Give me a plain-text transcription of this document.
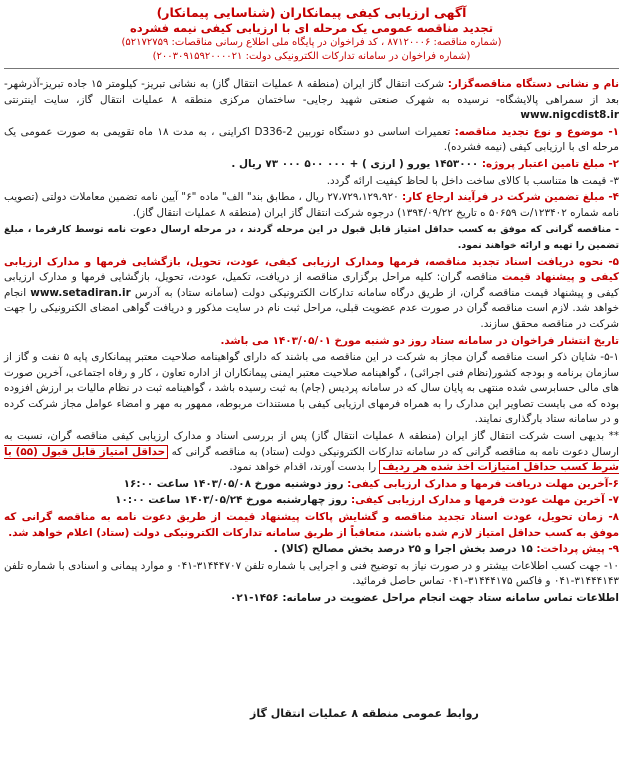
آگهی ارزیابی کیفی پیمانکاران (شناسایی پیمانکار)
تجدید مناقصه عمومی یک مرحله ای با ارزیابی کیفی نیمه فشرده
(شماره مناقصه: ۸۷۱۲۰۰۰۶ ، کد فراخوان در پایگاه ملی اطلاع رسانی مناقصات: ۵۲۱۷۲۷۵۹)
(شماره فراخوان در سامانه تدارکات الکترونیکی دولت: ۲۰۰۳۰۹۱۵۹۲۰۰۰۰۲۱)

نام و نشانی دستگاه مناقصه‌گزار: شرکت انتقال گاز ایران (منطقه ۸ عملیات انتقال گاز) به نشانی تبریز- کیلومتر ۱۵ جاده تبریز-آذرشهر- بعد از سمراهی پالایشگاه- نرسیده به شهرک صنعتی شهید رجایی- ساختمان مرکزی منطقه ۸ عملیات انتقال گاز، سایت اینترنتی www.nigcdist8.ir

۱- موضوع و نوع تجدید مناقصه: تعمیرات اساسی دو دستگاه توربین D336-2 اکراینی ، به مدت ۱۸ ماه تقویمی به صورت عمومی یک مرحله ای با ارزیابی کیفی (نیمه فشرده).

۲- مبلغ تامین اعتبار پروژه: ۱۴۵۳۰۰۰ یورو ( ارزی ) + ۰۰۰ ۵۰۰ ۰۰۰ ۷۳ ریال .

۳- قیمت ها متناسب با کالای ساخت داخل با لحاظ کیفیت ارائه گردد.

۴- مبلغ تضمین شرکت در فرآیند ارجاع کار: ۲۷،۷۲۹،۱۲۹،۹۲۰ ریال ، مطابق بند" الف" ماده "۶" آیین نامه تضمین معاملات دولتی (تصویب نامه شماره ۱۲۳۴۰۲/ت ۵۰۶۵۹ ه تاریخ ۱۳۹۴/۰۹/۲۲) درجوه شرکت انتقال گاز ایران (منطقه ۸ عملیات انتقال گاز).

- مناقصه گرانی که موفق به کسب حداقل امتیاز قابل قبول در این مرحله گردند ، در مرحله ارسال دعوت نامه توسط کارفرما ، مبلغ تضمین را تهیه و ارائه خواهند نمود.

۵- نحوه دریافت اسناد تجدید مناقصه، فرمها ومدارک ارزیابی کیفی، عودت، تحویل، بازگشایی فرمها و مدارک ارزیابی کیفی و پیشنهاد قیمت مناقصه گران: کلیه مراحل برگزاری مناقصه از دریافت، تکمیل، عودت، تحویل، بازگشایی فرمها و مدارک ارزیابی کیفی و پیشنهاد قیمت مناقصه گران، از طریق درگاه سامانه تدارکات الکترونیکی دولت (سامانه ستاد) به آدرس www.setadiran.ir انجام خواهد شد. لازم است مناقصه گران در صورت عدم عضویت قبلی، مراحل ثبت نام در سایت مذکور و دریافت گواهی امضای الکترونیکی را جهت شرکت در مناقصه محقق سازند.

تاریخ انتشار فراخوان در سامانه ستاد روز دو شنبه مورخ ۱۴۰۳/۰۵/۰۱ می باشد.

۵-۱- شایان ذکر است مناقصه گران مجاز به شرکت در این مناقصه می باشند که دارای گواهینامه صلاحیت معتبر پیمانکاری پایه ۵ نفت و گاز از سازمان برنامه و بودجه کشور(نظام فنی اجرائی) ، گواهینامه صلاحیت معتبر ایمنی پیمانکاران از اداره تعاون ، کار و رفاه اجتماعی، آخرین صورت های مالی حسابرسی شده منتهی به پایان سال که در سامانه پردیس (جام) به ثبت رسیده باشد ، گواهینامه ثبت در نظام مالیات بر ارزش افزوده بوده که می بایست تصاویر این مدارک را به همراه فرمهای ارزیابی کیفی با مستندات مربوطه، ممهور به مهر و امضاء عوامل مجاز شرکت کرده و در سامانه ستاد بارگذاری نمایند.

** بدیهی است شرکت انتقال گاز ایران (منطقه ۸ عملیات انتقال گاز) پس از بررسی اسناد و مدارک ارزیابی کیفی مناقصه گران، نسبت به ارسال دعوت نامه به مناقصه گرانی که در سامانه تدارکات الکترونیکی دولت (ستاد) به مناقصه گرانی که حداقل امتیاز قابل قبول (۵۵) با شرط کسب حداقل امتیازات اخذ شده هر ردیف را بدست آورند، اقدام خواهد نمود.

۶-آخرین مهلت دریافت فرمها و مدارک ارزیابی کیفی: روز دوشنبه مورخ ۱۴۰۳/۰۵/۰۸ ساعت ۱۶:۰۰

۷- آخرین مهلت عودت فرمها و مدارک ارزیابی کیفی: روز چهارشنبه مورخ ۱۴۰۳/۰۵/۲۴ ساعت ۱۰:۰۰

۸- زمان تحویل، عودت اسناد تجدید مناقصه و گشایش پاکات پیشنهاد قیمت از طریق دعوت نامه به مناقصه گرانی که موفق به کسب حداقل امتیاز لازم شده باشند، متعاقباً از طریق سامانه تدارکات الکترونیکی دولت (ستاد) اعلام خواهد شد.

۹- پیش پرداخت: ۱۵ درصد بخش اجرا و ۲۵ درصد بخش مصالح (کالا) .

۱۰- جهت کسب اطلاعات بیشتر و در صورت نیاز به توضیح فنی و اجرایی با شماره تلفن ۳۱۴۴۴۷۰۷-۰۴۱ و موارد پیمانی و اسنادی با شماره تلفن ۳۱۴۴۴۱۴۳-۰۴۱ و فاکس ۳۱۴۴۴۱۷۵-۰۴۱ تماس حاصل فرمائید.

اطلاعات تماس سامانه ستاد جهت انجام مراحل عضویت در سامانه: ۱۴۵۶-۰۲۱

روابط عمومی منطقه ۸ عملیات انتقال گاز
